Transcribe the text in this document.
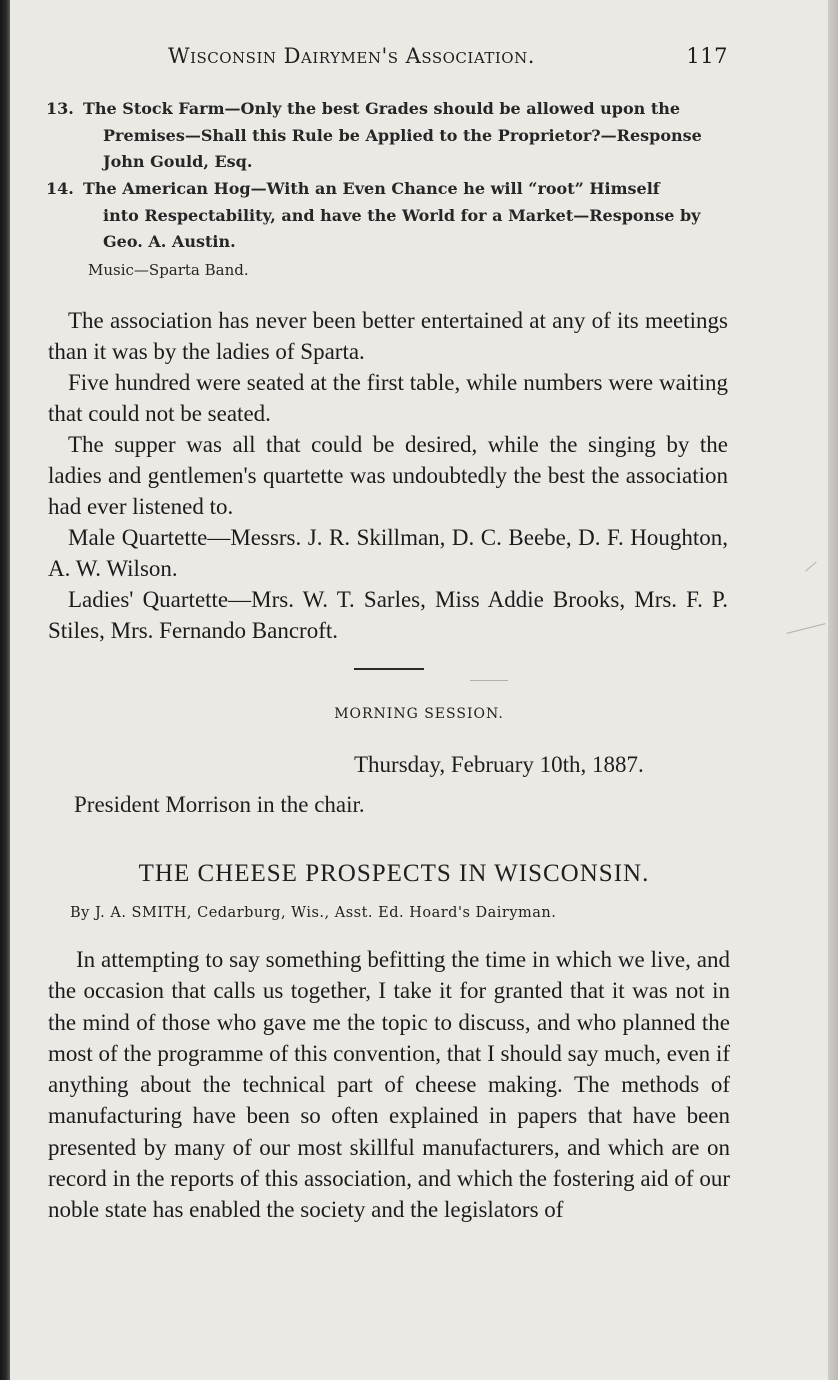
Wisconsin Dairymen's Association.	117
13. The Stock Farm—Only the best Grades should be allowed upon the
Premises—Shall this Rule be Applied to the Proprietor?—Response
John Gould, Esq.
14. The American Hog—With an Even Chance he will “root” Himself
into Respectability, and have the World for a Market—Response by
Geo. A. Austin.
Music—Sparta Band.

The association has never been better entertained at any of its meetings than it was by the ladies of Sparta.

Five hundred were seated at the first table, while numbers were waiting that could not be seated.

The supper was all that could be desired, while the singing by the ladies and gentlemen's quartette was undoubtedly the best the association had ever listened to.

Male Quartette—Messrs. J. R. Skillman, D. C. Beebe, D. F. Houghton, A. W. Wilson.

Ladies' Quartette—Mrs. W. T. Sarles, Miss Addie Brooks, Mrs. F. P. Stiles, Mrs. Fernando Bancroft.

MORNING SESSION.
Thursday, February 10th, 1887.
President Morrison in the chair.
THE CHEESE PROSPECTS IN WISCONSIN.
By J. A. SMITH, Cedarburg, Wis., Asst. Ed. Hoard's Dairyman.

In attempting to say something befitting the time in which we live, and the occasion that calls us together, I take it for granted that it was not in the mind of those who gave me the topic to discuss, and who planned the most of the programme of this convention, that I should say much, even if anything about the technical part of cheese making. The methods of manufacturing have been so often explained in papers that have been presented by many of our most skillful manufacturers, and which are on record in the reports of this association, and which the fostering aid of our noble state has enabled the society and the legislators of
